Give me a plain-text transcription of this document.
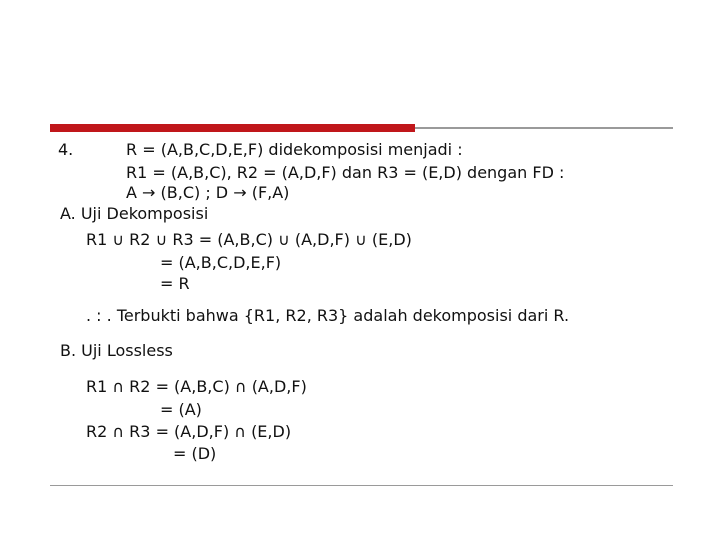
4.	R = (A,B,C,D,E,F) didekomposisi menjadi :
R1 = (A,B,C), R2 = (A,D,F) dan R3 = (E,D) dengan FD :
A → (B,C) ; D → (F,A)
A. Uji Dekomposisi
R1 ∪ R2 ∪ R3 = (A,B,C) ∪ (A,D,F) ∪ (E,D)
= (A,B,C,D,E,F)
= R
. : . Terbukti bahwa {R1, R2, R3} adalah dekomposisi dari R.
B. Uji Lossless
R1 ∩ R2 = (A,B,C) ∩ (A,D,F)
= (A)
R2 ∩ R3 = (A,D,F) ∩ (E,D)
= (D)
